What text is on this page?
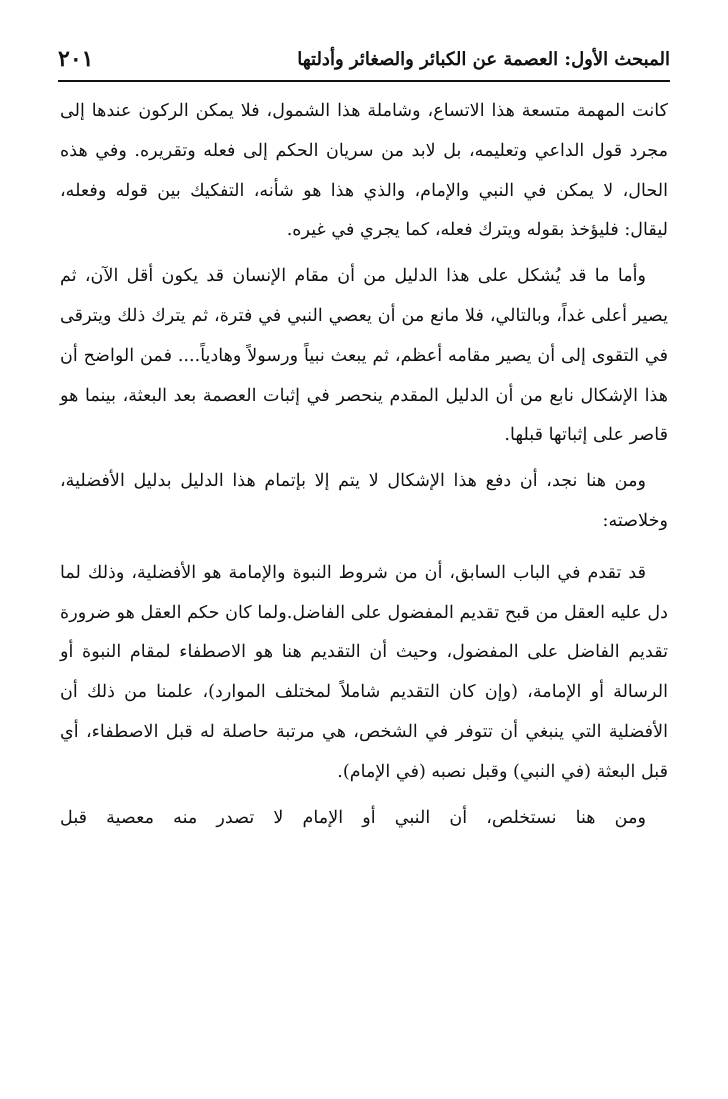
المبحث الأول: العصمة عن الكبائر والصغائر وأدلتها
٢٠١

كانت المهمة متسعة هذا الاتساع، وشاملة هذا الشمول، فلا يمكن الركون عندها إلى مجرد قول الداعي وتعليمه، بل لابد من سريان الحكم إلى فعله وتقريره. وفي هذه الحال، لا يمكن في النبي والإمام، والذي هذا هو شأنه، التفكيك بين قوله وفعله، ليقال: فليؤخذ بقوله ويترك فعله، كما يجري في غيره.

وأما ما قد يُشكل على هذا الدليل من أن مقام الإنسان قد يكون أقل الآن، ثم يصير أعلى غداً، وبالتالي، فلا مانع من أن يعصي النبي في فترة، ثم يترك ذلك ويترقى في التقوى إلى أن يصير مقامه أعظم، ثم يبعث نبياً ورسولاً وهادياً.... فمن الواضح أن هذا الإشكال نابع من أن الدليل المقدم ينحصر في إثبات العصمة بعد البعثة، بينما هو قاصر على إثباتها قبلها.

ومن هنا نجد، أن دفع هذا الإشكال لا يتم إلا بإتمام هذا الدليل بدليل الأفضلية، وخلاصته:

قد تقدم في الباب السابق، أن من شروط النبوة والإمامة هو الأفضلية، وذلك لما دل عليه العقل من قبح تقديم المفضول على الفاضل.ولما كان حكم العقل هو ضرورة تقديم الفاضل على المفضول، وحيث أن التقديم هنا هو الاصطفاء لمقام النبوة أو الرسالة أو الإمامة، (وإن كان التقديم شاملاً لمختلف الموارد)، علمنا من ذلك أن الأفضلية التي ينبغي أن تتوفر في الشخص، هي مرتبة حاصلة له قبل الاصطفاء، أي قبل البعثة (في النبي) وقبل نصبه (في الإمام).

ومن هنا نستخلص، أن النبي أو الإمام لا تصدر منه معصية قبل
